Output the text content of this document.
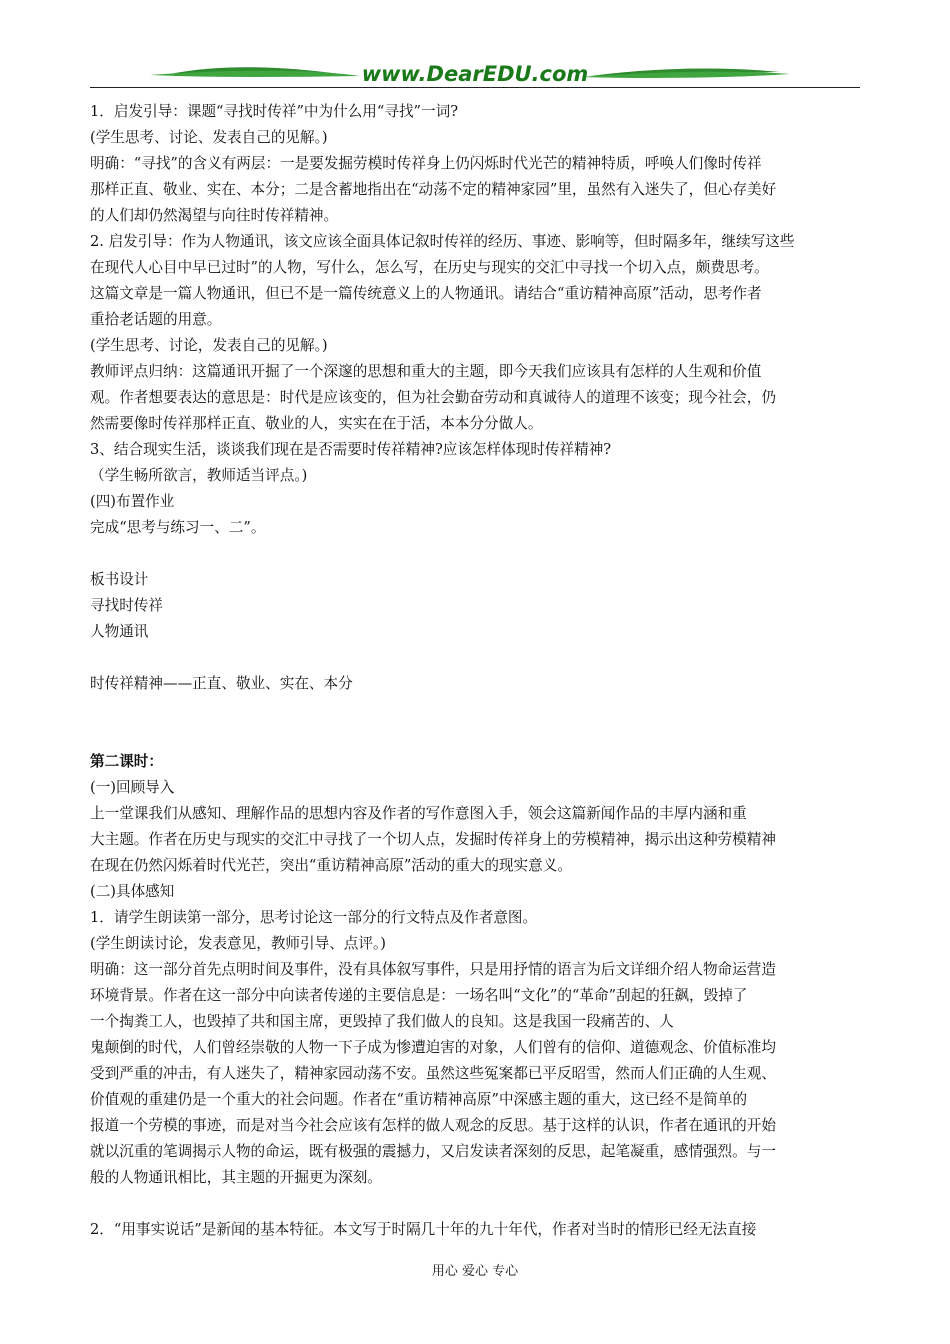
www.DearEDU.com

1．启发引导：课题“寻找时传祥”中为什么用“寻找”一词?

(学生思考、讨论、发表自己的见解。)

明确：“寻找”的含义有两层：一是要发掘劳模时传祥身上仍闪烁时代光芒的精神特质，呼唤人们像时传祥

那样正直、敬业、实在、本分；二是含蓄地指出在“动荡不定的精神家园”里，虽然有入迷失了，但心存美好

的人们却仍然渴望与向往时传祥精神。

2. 启发引导：作为人物通讯，该文应该全面具体记叙时传祥的经历、事迹、影响等，但时隔多年，继续写这些

在现代人心目中早已过时”的人物，写什么，怎么写，在历史与现实的交汇中寻找一个切入点，颇费思考。

这篇文章是一篇人物通讯，但已不是一篇传统意义上的人物通讯。请结合“重访精神高原”活动，思考作者

重拾老话题的用意。

(学生思考、讨论，发表自己的见解。)

教师评点归纳：这篇通讯开掘了一个深邃的思想和重大的主题，即今天我们应该具有怎样的人生观和价值

观。作者想要表达的意思是：时代是应该变的，但为社会勤奋劳动和真诚待人的道理不该变；现今社会，仍

然需要像时传祥那样正直、敬业的人，实实在在于活，本本分分做人。

3、结合现实生活，谈谈我们现在是否需要时传祥精神?应该怎样体现时传祥精神?

（学生畅所欲言，教师适当评点。)

(四)布置作业

完成“思考与练习一、二”。

板书设计

寻找时传祥

人物通讯

时传祥精神——正直、敬业、实在、本分

第二课时：

(一)回顾导入

上一堂课我们从感知、理解作品的思想内容及作者的写作意图入手，领会这篇新闻作品的丰厚内涵和重

大主题。作者在历史与现实的交汇中寻找了一个切人点，发掘时传祥身上的劳模精神，揭示出这种劳模精神

在现在仍然闪烁着时代光芒，突出“重访精神高原”活动的重大的现实意义。

(二)具体感知

1．请学生朗读第一部分，思考讨论这一部分的行文特点及作者意图。

(学生朗读讨论，发表意见，教师引导、点评。)

明确：这一部分首先点明时间及事件，没有具体叙写事件，只是用抒情的语言为后文详细介绍人物命运营造

环境背景。作者在这一部分中向读者传递的主要信息是：一场名叫“文化”的“革命”刮起的狂飙，毁掉了

一个掏粪工人，也毁掉了共和国主席，更毁掉了我们做人的良知。这是我国一段痛苦的、人

鬼颠倒的时代，人们曾经崇敬的人物一下子成为惨遭迫害的对象，人们曾有的信仰、道德观念、价值标准均

受到严重的冲击，有人迷失了，精神家园动荡不安。虽然这些冤案都已平反昭雪，然而人们正确的人生观、

价值观的重建仍是一个重大的社会问题。作者在“重访精神高原”中深感主题的重大，这已经不是简单的

报道一个劳模的事迹，而是对当今社会应该有怎样的做人观念的反思。基于这样的认识，作者在通讯的开始

就以沉重的笔调揭示人物的命运，既有极强的震撼力，又启发读者深刻的反思，起笔凝重，感情强烈。与一

般的人物通讯相比，其主题的开掘更为深刻。

2．“用事实说话”是新闻的基本特征。本文写于时隔几十年的九十年代，作者对当时的情形已经无法直接

用心 爱心 专心
